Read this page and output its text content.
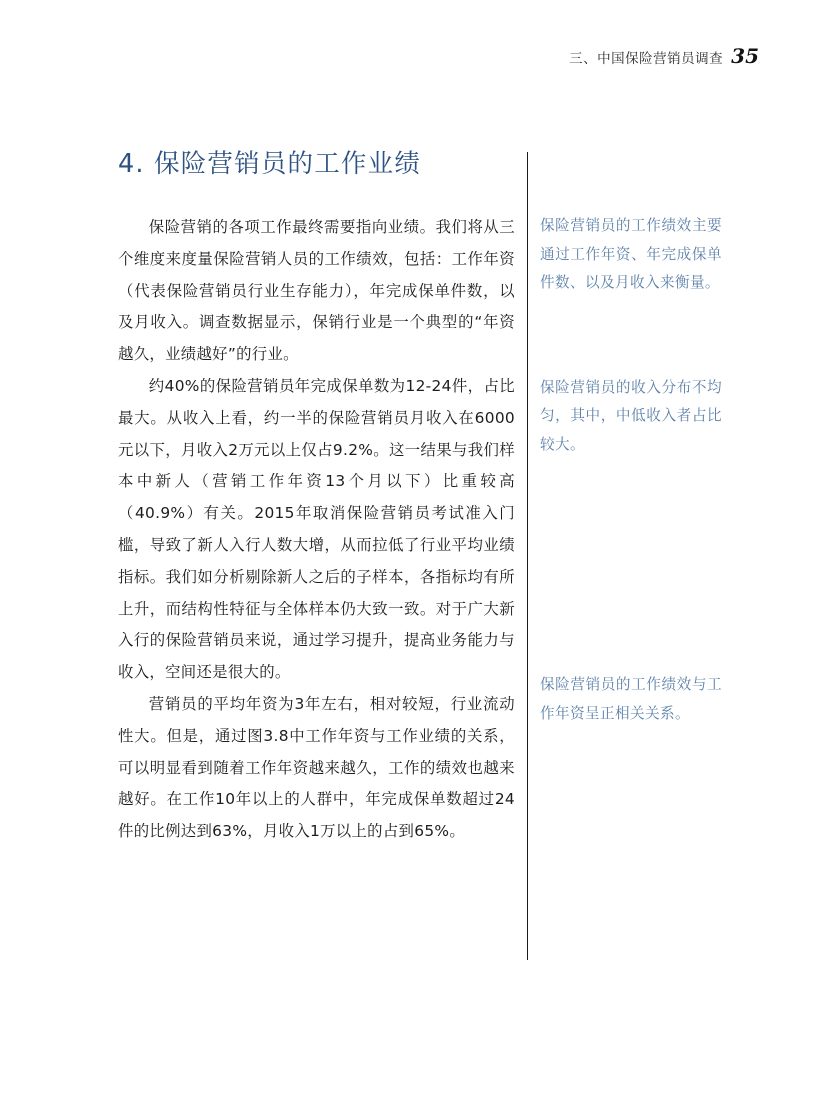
三、中国保险营销员调查 35
4. 保险营销员的工作业绩

保险营销的各项工作最终需要指向业绩。我们将从三个维度来度量保险营销人员的工作绩效，包括：工作年资（代表保险营销员行业生存能力），年完成保单件数，以及月收入。调查数据显示，保销行业是一个典型的“年资越久，业绩越好”的行业。

约40%的保险营销员年完成保单数为12-24件，占比最大。从收入上看，约一半的保险营销员月收入在6000元以下，月收入2万元以上仅占9.2%。这一结果与我们样本中新人（营销工作年资13个月以下）比重较高（40.9%）有关。2015年取消保险营销员考试准入门槛，导致了新人入行人数大增，从而拉低了行业平均业绩指标。我们如分析剔除新人之后的子样本，各指标均有所上升，而结构性特征与全体样本仍大致一致。对于广大新入行的保险营销员来说，通过学习提升，提高业务能力与收入，空间还是很大的。

营销员的平均年资为3年左右，相对较短，行业流动性大。但是，通过图3.8中工作年资与工作业绩的关系，可以明显看到随着工作年资越来越久，工作的绩效也越来越好。在工作10年以上的人群中，年完成保单数超过24件的比例达到63%，月收入1万以上的占到65%。

保险营销员的工作绩效主要通过工作年资、年完成保单件数、以及月收入来衡量。

保险营销员的收入分布不均匀，其中，中低收入者占比较大。

保险营销员的工作绩效与工作年资呈正相关关系。
